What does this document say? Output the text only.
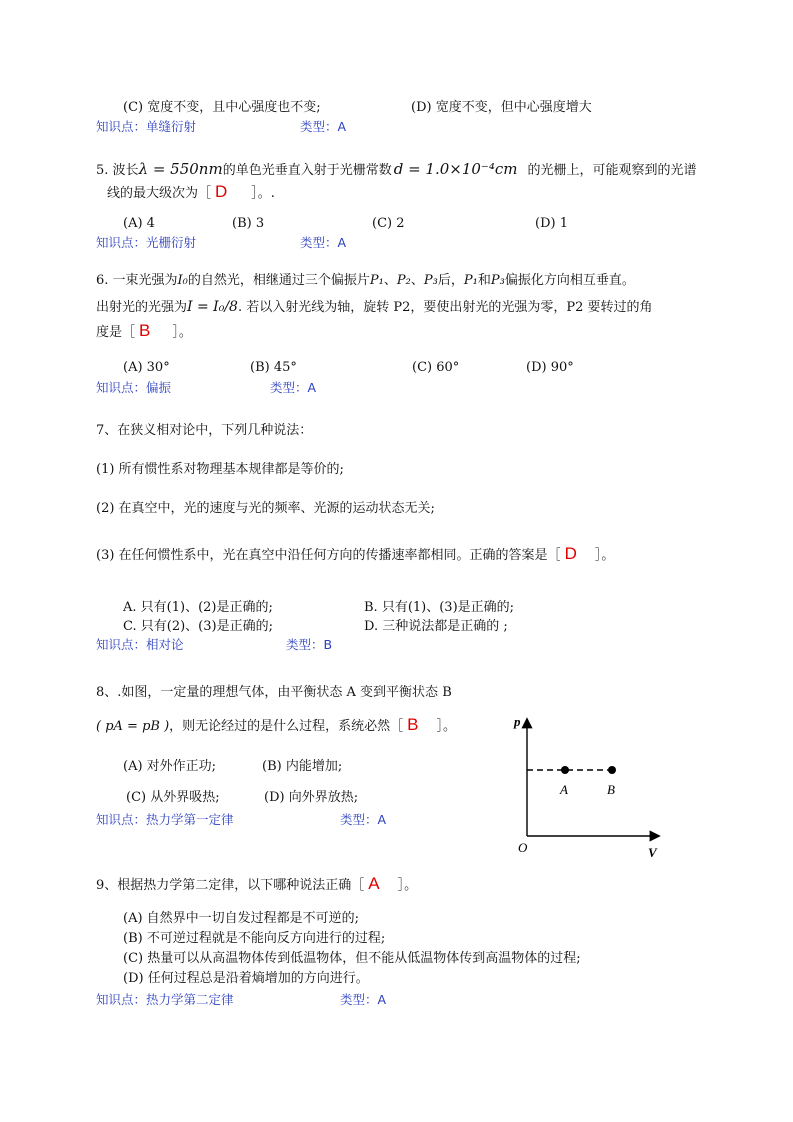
(C) 宽度不变，且中心强度也不变;	(D) 宽度不变，但中心强度增大
知识点：单缝衍射	类型：A
5. 波长λ = 550nm的单色光垂直入射于光栅常数 d = 1.0×10⁻⁴cm 的光栅上，可能观察到的光谱
线的最大级次为［ D ］。.
(A) 4	(B) 3	(C) 2	(D) 1
知识点：光栅衍射	类型：A
6. 一束光强为I₀的自然光，相继通过三个偏振片P₁、P₂、P₃后，P₁和P₃偏振化方向相互垂直。
出射光的光强为I = I₀/8. 若以入射光线为轴，旋转 P2，要使出射光的光强为零，P2 要转过的角
度是［ B ］。
(A) 30°	(B) 45°	(C) 60°	(D) 90°
知识点：偏振	类型：A
7、在狭义相对论中，下列几种说法：
(1) 所有惯性系对物理基本规律都是等价的;
(2) 在真空中，光的速度与光的频率、光源的运动状态无关;
(3) 在任何惯性系中，光在真空中沿任何方向的传播速率都相同。正确的答案是［ D ］。
A. 只有(1)、(2)是正确的;	B. 只有(1)、(3)是正确的;
C. 只有(2)、(3)是正确的;	D. 三种说法都是正确的 ;
知识点：相对论	类型：B
8、.如图，一定量的理想气体，由平衡状态 A 变到平衡状态 B
( pA = pB )，则无论经过的是什么过程，系统必然［ B ］。
(A) 对外作正功;	(B) 内能增加;
(C) 从外界吸热;	(D) 向外界放热;
知识点：热力学第一定律	类型：A
p
V
O
A	B
9、根据热力学第二定律，以下哪种说法正确［ A ］。
(A) 自然界中一切自发过程都是不可逆的;
(B) 不可逆过程就是不能向反方向进行的过程;
(C) 热量可以从高温物体传到低温物体，但不能从低温物体传到高温物体的过程;
(D) 任何过程总是沿着熵增加的方向进行。
知识点：热力学第二定律	类型：A
